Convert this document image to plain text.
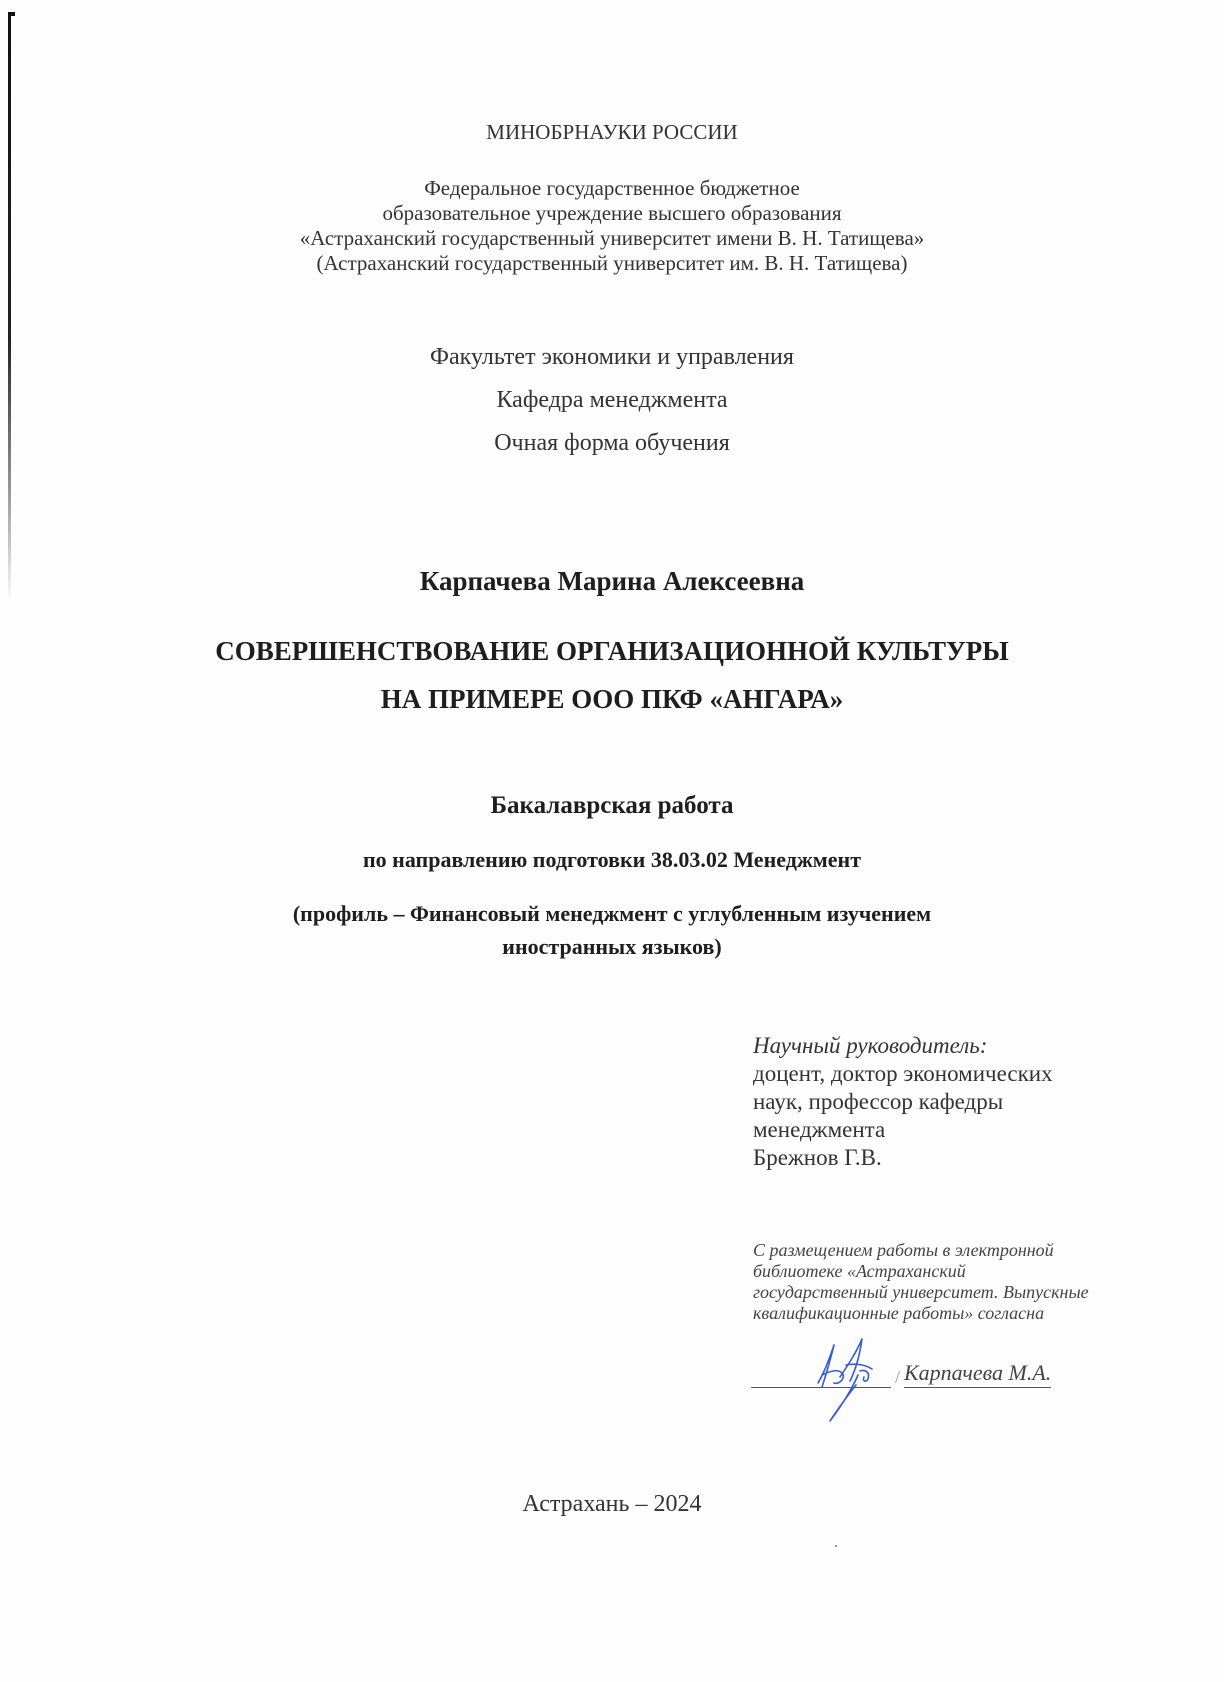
МИНОБРНАУКИ РОССИИ
Федеральное государственное бюджетное
образовательное учреждение высшего образования
«Астраханский государственный университет имени В. Н. Татищева»
(Астраханский государственный университет им. В. Н. Татищева)
Факультет экономики и управления
Кафедра менеджмента
Очная форма обучения
Карпачева Марина Алексеевна
СОВЕРШЕНСТВОВАНИЕ ОРГАНИЗАЦИОННОЙ КУЛЬТУРЫ
НА ПРИМЕРЕ ООО ПКФ «АНГАРА»
Бакалаврская работа
по направлению подготовки 38.03.02 Менеджмент
(профиль – Финансовый менеджмент с углубленным изучением
иностранных языков)
Научный руководитель:
доцент, доктор экономических
наук, профессор кафедры
менеджмента
Брежнов Г.В.
С размещением работы в электронной
библиотеке «Астраханский
государственный университет. Выпускные
квалификационные работы» согласна
/ Карпачева М.А.
Астрахань – 2024
